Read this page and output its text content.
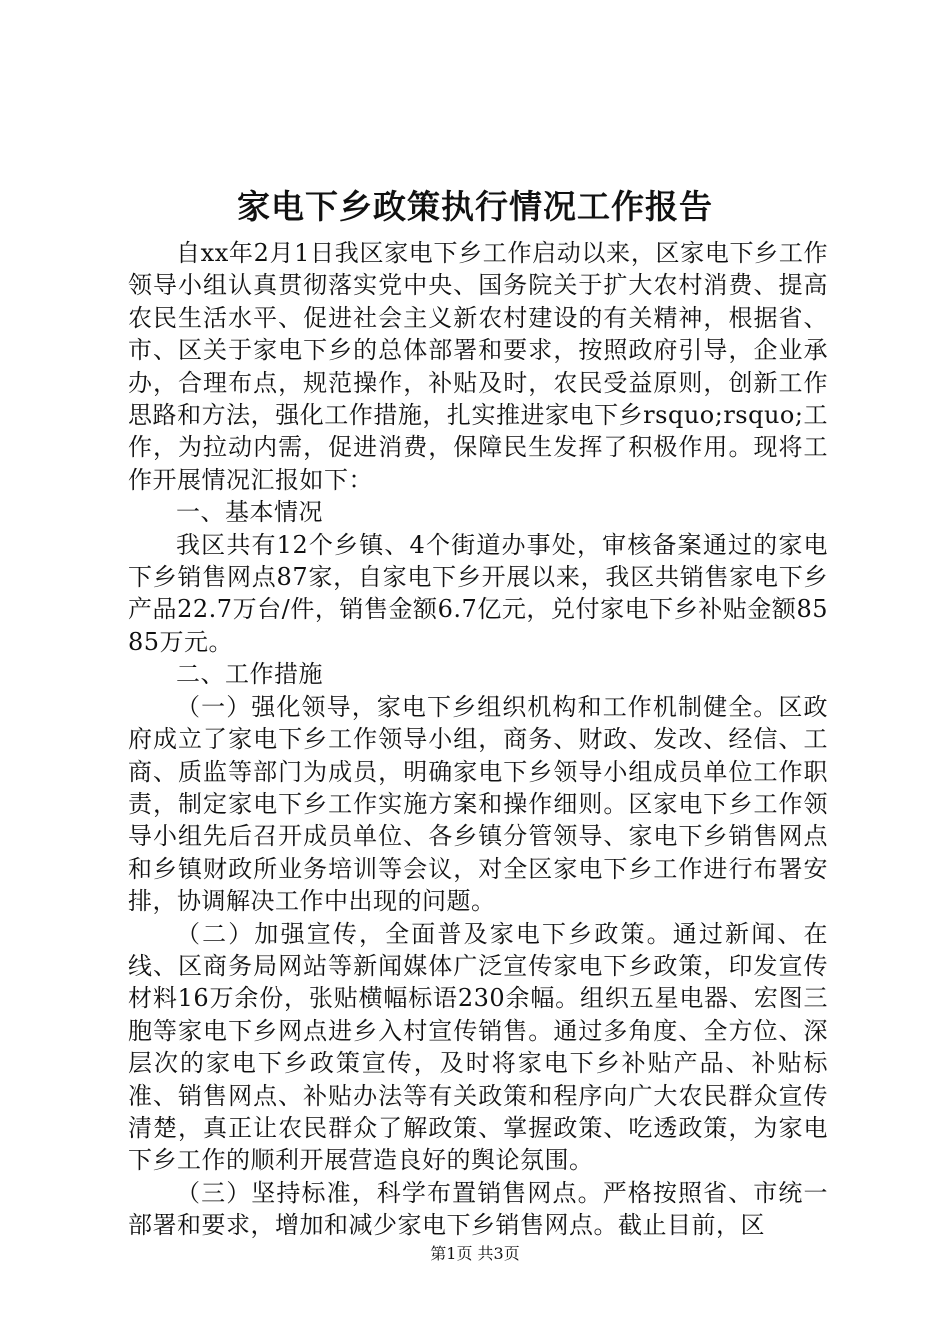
家电下乡政策执行情况工作报告

自xx年2月1日我区家电下乡工作启动以来，区家电下乡工作领导小组认真贯彻落实党中央、国务院关于扩大农村消费、提高农民生活水平、促进社会主义新农村建设的有关精神，根据省、市、区关于家电下乡的总体部署和要求，按照政府引导，企业承办，合理布点，规范操作，补贴及时，农民受益原则，创新工作思路和方法，强化工作措施，扎实推进家电下乡rsquo;rsquo;工作，为拉动内需，促进消费，保障民生发挥了积极作用。现将工作开展情况汇报如下：

一、基本情况

我区共有12个乡镇、4个街道办事处，审核备案通过的家电下乡销售网点87家，自家电下乡开展以来，我区共销售家电下乡产品22.7万台/件，销售金额6.7亿元，兑付家电下乡补贴金额8585万元。

二、工作措施

（一）强化领导，家电下乡组织机构和工作机制健全。区政府成立了家电下乡工作领导小组，商务、财政、发改、经信、工商、质监等部门为成员，明确家电下乡领导小组成员单位工作职责，制定家电下乡工作实施方案和操作细则。区家电下乡工作领导小组先后召开成员单位、各乡镇分管领导、家电下乡销售网点和乡镇财政所业务培训等会议，对全区家电下乡工作进行布署安排，协调解决工作中出现的问题。

（二）加强宣传，全面普及家电下乡政策。通过新闻、在线、区商务局网站等新闻媒体广泛宣传家电下乡政策，印发宣传材料16万余份，张贴横幅标语230余幅。组织五星电器、宏图三胞等家电下乡网点进乡入村宣传销售。通过多角度、全方位、深层次的家电下乡政策宣传，及时将家电下乡补贴产品、补贴标准、销售网点、补贴办法等有关政策和程序向广大农民群众宣传清楚，真正让农民群众了解政策、掌握政策、吃透政策，为家电下乡工作的顺利开展营造良好的舆论氛围。

（三）坚持标准，科学布置销售网点。严格按照省、市统一部署和要求，增加和减少家电下乡销售网点。截止目前，区

第1页 共3页
